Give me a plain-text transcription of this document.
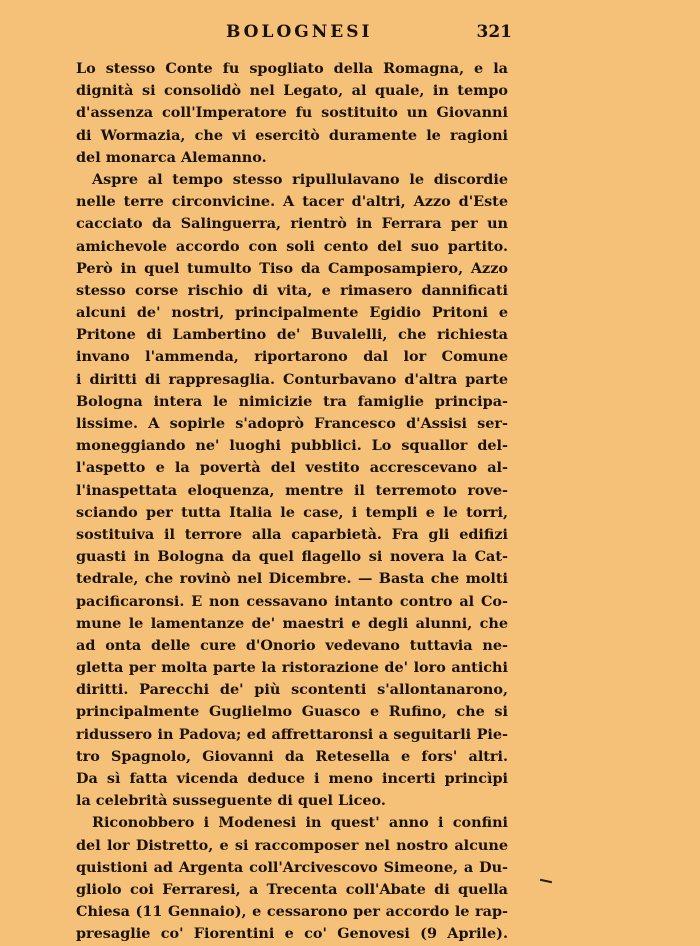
BOLOGNESI	321
Lo stesso Conte fu spogliato della Romagna, e la
dignità si consolidò nel Legato, al quale, in tempo
d'assenza coll'Imperatore fu sostituito un Giovanni
di Wormazia, che vi esercitò duramente le ragioni
del monarca Alemanno.
Aspre al tempo stesso ripullulavano le discordie
nelle terre circonvicine. A tacer d'altri, Azzo d'Este
cacciato da Salinguerra, rientrò in Ferrara per un
amichevole accordo con soli cento del suo partito.
Però in quel tumulto Tiso da Camposampiero, Azzo
stesso corse rischio di vita, e rimasero dannificati
alcuni de' nostri, principalmente Egidio Pritoni e
Pritone di Lambertino de' Buvalelli, che richiesta
invano l'ammenda, riportarono dal lor Comune
i diritti di rappresaglia. Conturbavano d'altra parte
Bologna intera le nimicizie tra famiglie principa-
lissime. A sopirle s'adoprò Francesco d'Assisi ser-
moneggiando ne' luoghi pubblici. Lo squallor del-
l'aspetto e la povertà del vestito accrescevano al-
l'inaspettata eloquenza, mentre il terremoto rove-
sciando per tutta Italia le case, i templi e le torri,
sostituiva il terrore alla caparbietà. Fra gli edifizi
guasti in Bologna da quel flagello si novera la Cat-
tedrale, che rovinò nel Dicembre. — Basta che molti
pacificaronsi. E non cessavano intanto contro al Co-
mune le lamentanze de' maestri e degli alunni, che
ad onta delle cure d'Onorio vedevano tuttavia ne-
gletta per molta parte la ristorazione de' loro antichi
diritti. Parecchi de' più scontenti s'allontanarono,
principalmente Guglielmo Guasco e Rufino, che si
ridussero in Padova; ed affrettaronsi a seguitarli Pie-
tro Spagnolo, Giovanni da Retesella e fors' altri.
Da sì fatta vicenda deduce i meno incerti princìpi
la celebrità susseguente di quel Liceo.
Riconobbero i Modenesi in quest' anno i confini
del lor Distretto, e si raccomposer nel nostro alcune
quistioni ad Argenta coll'Arcivescovo Simeone, a Du-
gliolo coi Ferraresi, a Trecenta coll'Abate di quella
Chiesa (11 Gennaio), e cessarono per accordo le rap-
presaglie co' Fiorentini e co' Genovesi (9 Aprile).
